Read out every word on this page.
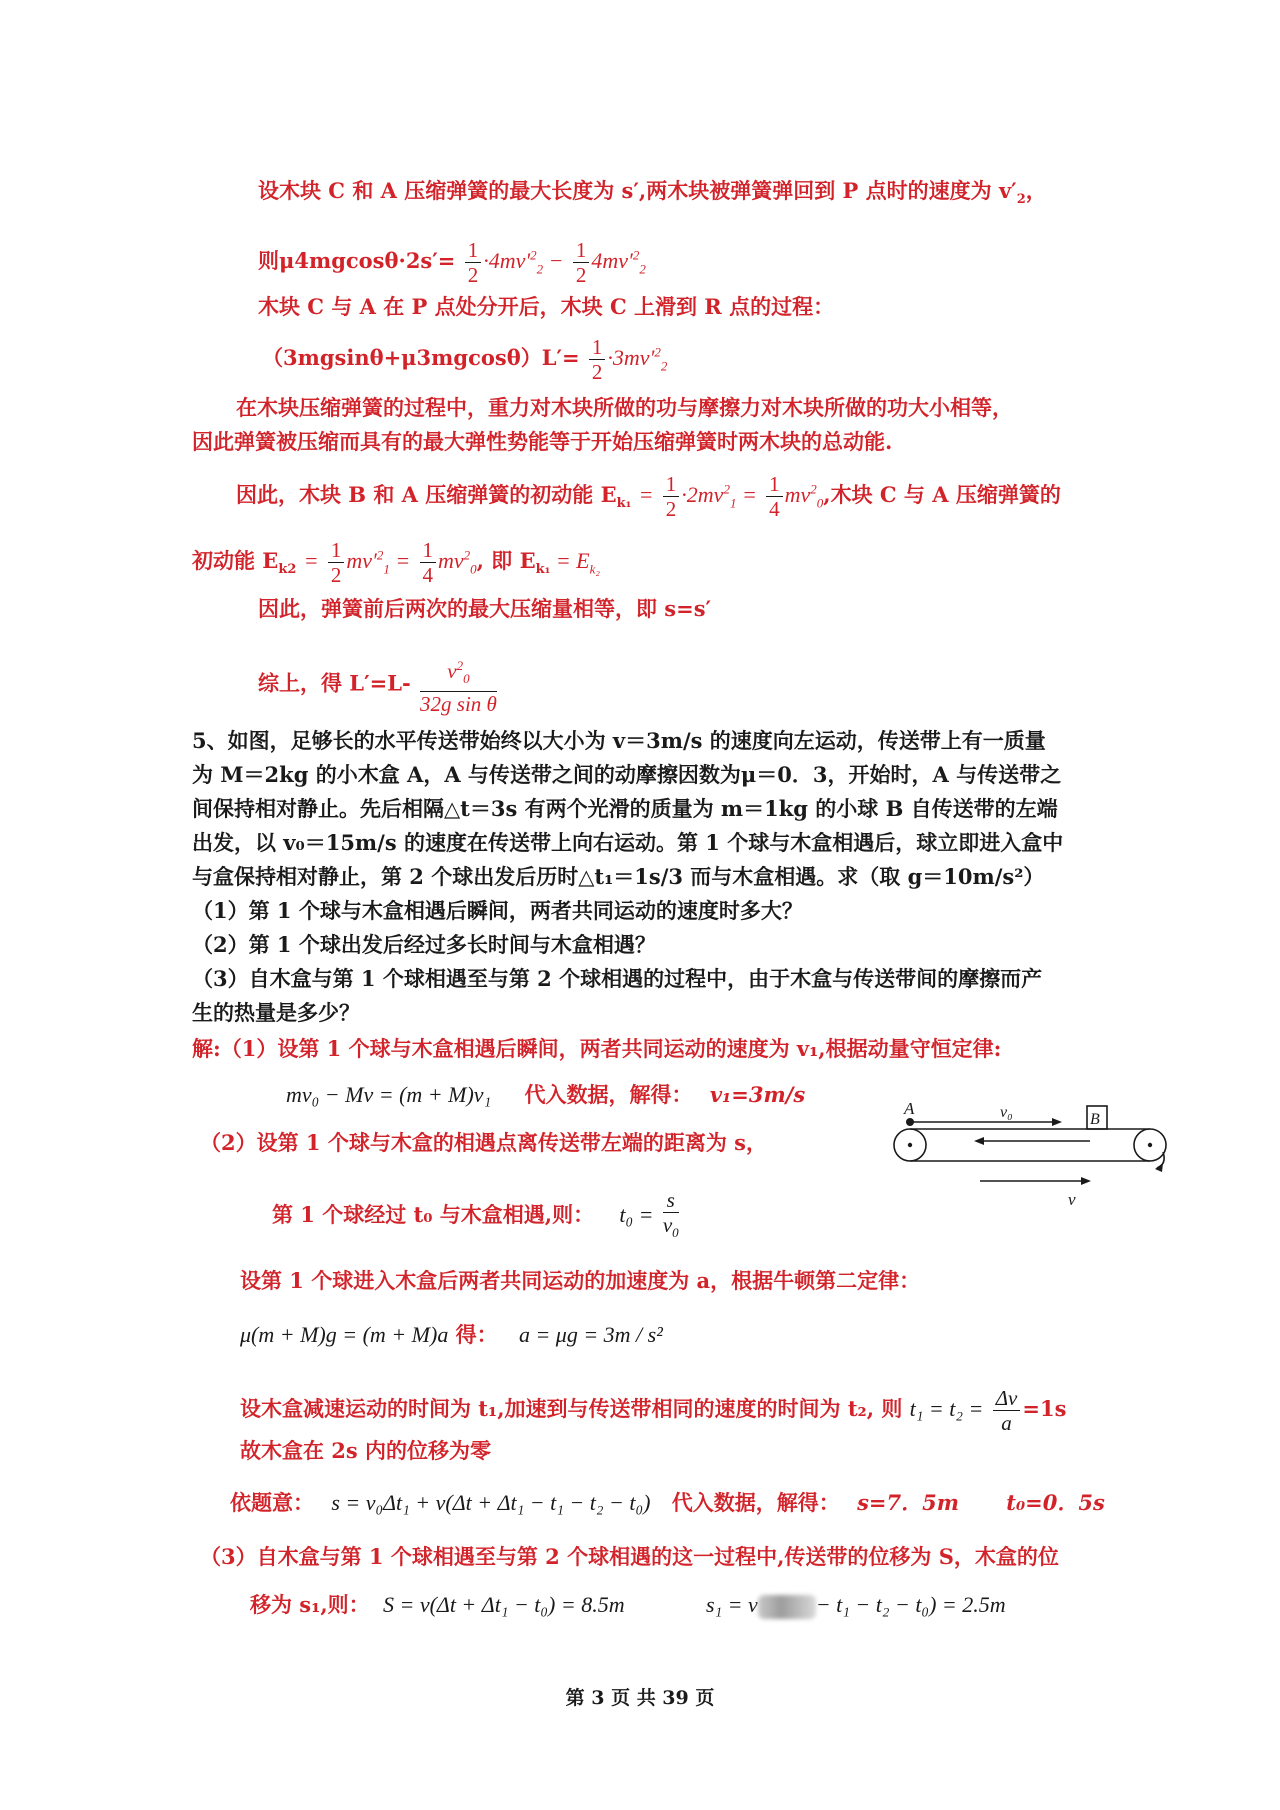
设木块 C 和 A 压缩弹簧的最大长度为 s′,两木块被弹簧弹回到 P 点时的速度为 $v'_2$，
则$\mu 4mgcos\theta\cdot 2s'= \frac{1}{2} \cdot 4mv'^2_2 - \frac{1}{2} 4mv'^2_2$
木块 C 与 A 在 P 点处分开后，木块 C 上滑到 R 点的过程：
$(3mgsin\theta+\mu 3mgcos\theta)L'= \frac{1}{2} \cdot 3mv'^2_2$
在木块压缩弹簧的过程中，重力对木块所做的功与摩擦力对木块所做的功大小相等，
因此弹簧被压缩而具有的最大弹性势能等于开始压缩弹簧时两木块的总动能.
因此，木块 B 和 A 压缩弹簧的初动能 $E_{k_1} = \frac{1}{2} \cdot 2mv^2_1 = \frac{1}{4} mv^2_0$,木块 C 与 A 压缩弹簧的
初动能 $E_{k2} = \frac{1}{2} mv'^2_1 = \frac{1}{4} mv^2_0$, 即 $E_{k_1} = E_{k_2}$
因此，弹簧前后两次的最大压缩量相等，即 s=s′
综上，得 $L'=L- \frac{v^2_0}{\text{32g sin θ}}$
5、如图，足够长的水平传送带始终以大小为 v＝3m/s 的速度向左运动，传送带上有一质量
为 M＝2kg 的小木盒 A，A 与传送带之间的动摩擦因数为μ＝0．3，开始时，A 与传送带之
间保持相对静止。先后相隔△t＝3s 有两个光滑的质量为 m＝1kg 的小球 B 自传送带的左端
出发，以 v₀＝15m/s 的速度在传送带上向右运动。第 1 个球与木盒相遇后，球立即进入盒中
与盒保持相对静止，第 2 个球出发后历时△t₁＝1s/3 而与木盒相遇。求（取 g＝10m/s²）
（1）第 1 个球与木盒相遇后瞬间，两者共同运动的速度时多大？
（2）第 1 个球出发后经过多长时间与木盒相遇？
（3）自木盒与第 1 个球相遇至与第 2 个球相遇的过程中，由于木盒与传送带间的摩擦而产
生的热量是多少？
解:（1）设第 1 个球与木盒相遇后瞬间，两者共同运动的速度为 v₁,根据动量守恒定律:
mv₀ − Mv = (m + M)v₁ 代入数据，解得： v₁=3m/s
（2）设第 1 个球与木盒的相遇点离传送带左端的距离为 s，
第 1 个球经过 t₀ 与木盒相遇,则： $t_0 = \frac{s}{v_0}$
设第 1 个球进入木盒后两者共同运动的加速度为 a，根据牛顿第二定律：
μ(m + M)g = (m + M)a 得： a = μg = 3m / s²
设木盒减速运动的时间为 t₁,加速到与传送带相同的速度的时间为 t₂, 则 $t_1 = t_2 = \frac{\Delta v}{a} =1s$
故木盒在 2s 内的位移为零
依题意： s = v₀Δt₁ + v(Δt + Δt₁ − t₁ − t₂ − t₀) 代入数据，解得： s=7．5m t₀=0．5s
（3）自木盒与第 1 个球相遇至与第 2 个球相遇的这一过程中,传送带的位移为 S，木盒的位
移为 s₁,则： S = v(Δt + Δt₁ − t₀) = 8.5m	s₁ = v	− t₁ − t₂ − t₀) = 2.5m
A
B
v₀
v
第 3 页 共 39 页
